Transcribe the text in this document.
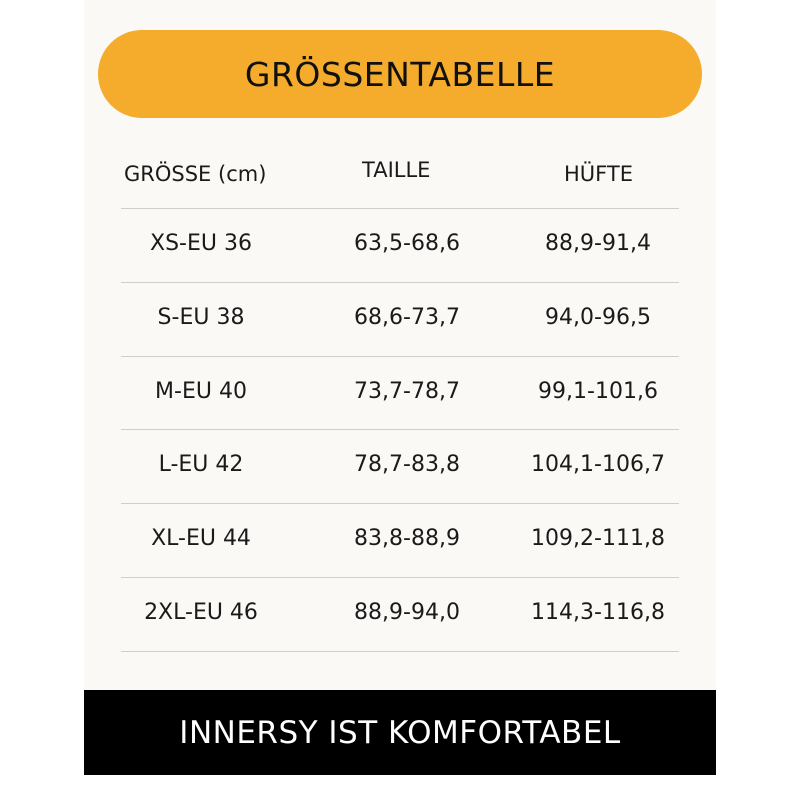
GRÖSSENTABELLE
GRÖSSE (cm)	TAILLE	HÜFTE
XS-EU 36	63,5-68,6	88,9-91,4
S-EU 38	68,6-73,7	94,0-96,5
M-EU 40	73,7-78,7	99,1-101,6
L-EU 42	78,7-83,8	104,1-106,7
XL-EU 44	83,8-88,9	109,2-111,8
2XL-EU 46	88,9-94,0	114,3-116,8
INNERSY IST KOMFORTABEL
